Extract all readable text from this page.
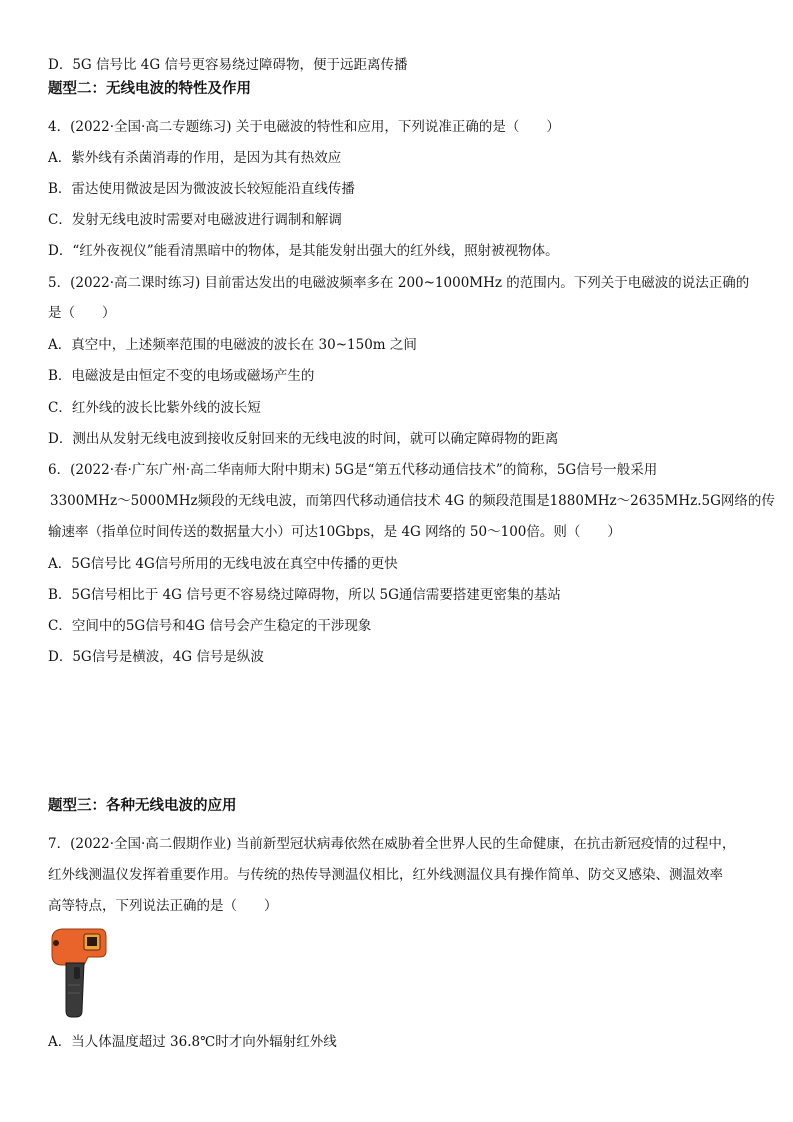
D．5G 信号比 4G 信号更容易绕过障碍物，便于远距离传播
题型二：无线电波的特性及作用
4．(2022·全国·高二专题练习) 关于电磁波的特性和应用，下列说准正确的是（　　）
A．紫外线有杀菌消毒的作用，是因为其有热效应
B．雷达使用微波是因为微波波长较短能沿直线传播
C．发射无线电波时需要对电磁波进行调制和解调
D．“红外夜视仪”能看清黑暗中的物体，是其能发射出强大的红外线，照射被视物体。
5．(2022·高二课时练习) 目前雷达发出的电磁波频率多在 200~1000MHz 的范围内。下列关于电磁波的说法正确的
是（　　）
A．真空中，上述频率范围的电磁波的波长在 30~150m 之间
B．电磁波是由恒定不变的电场或磁场产生的
C．红外线的波长比紫外线的波长短
D．测出从发射无线电波到接收反射回来的无线电波的时间，就可以确定障碍物的距离
6．(2022·春·广东广州·高二华南师大附中期末) 5G是“第五代移动通信技术”的简称，5G信号一般采用
3300MHz～5000MHz频段的无线电波，而第四代移动通信技术 4G 的频段范围是1880MHz～2635MHz.5G网络的传
输速率（指单位时间传送的数据量大小）可达10Gbps，是 4G 网络的 50～100倍。则（　　）
A．5G信号比 4G信号所用的无线电波在真空中传播的更快
B．5G信号相比于 4G 信号更不容易绕过障碍物，所以 5G通信需要搭建更密集的基站
C．空间中的5G信号和4G 信号会产生稳定的干涉现象
D．5G信号是横波，4G 信号是纵波
题型三：各种无线电波的应用
7．(2022·全国·高二假期作业) 当前新型冠状病毒依然在威胁着全世界人民的生命健康，在抗击新冠疫情的过程中，
红外线测温仪发挥着重要作用。与传统的热传导测温仪相比，红外线测温仪具有操作简单、防交叉感染、测温效率
高等特点，下列说法正确的是（　　）
A．当人体温度超过 36.8℃时才向外辐射红外线
